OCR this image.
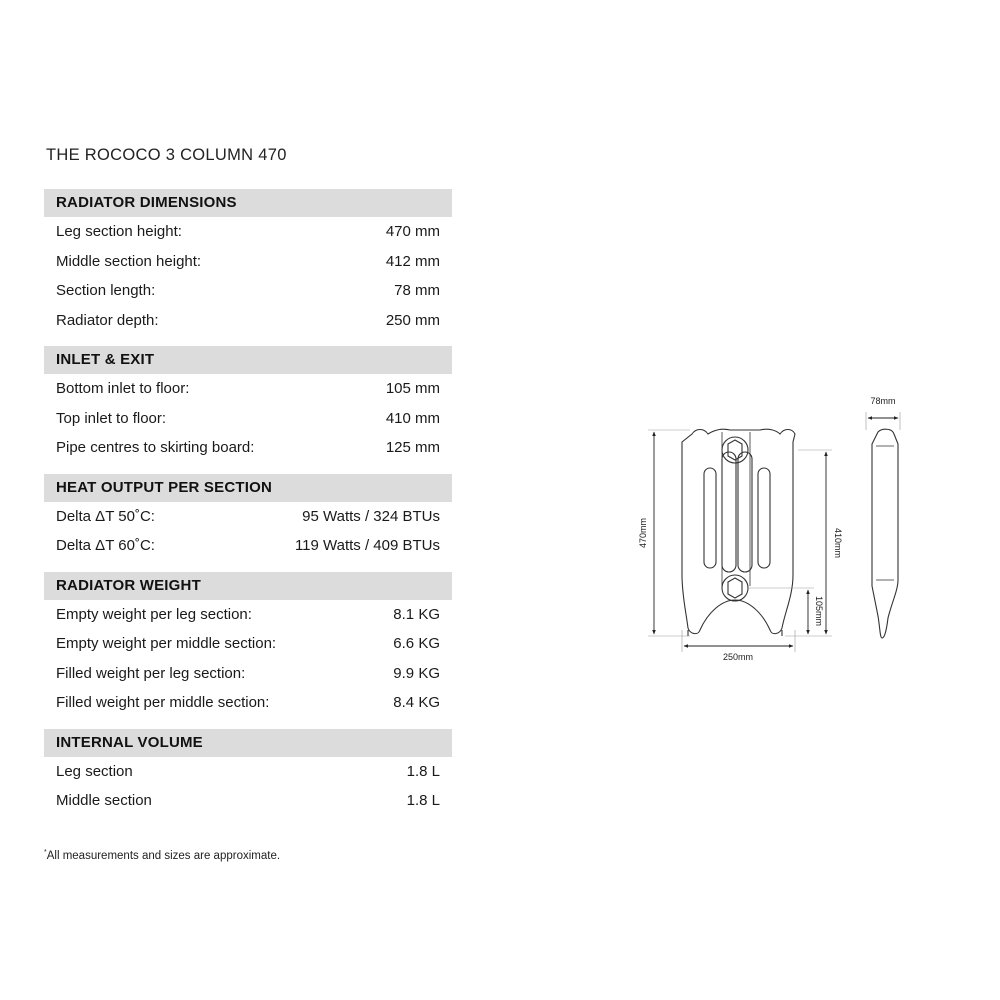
THE ROCOCO 3 COLUMN 470
RADIATOR DIMENSIONS
Leg section height:	470 mm
Middle section height:	412 mm
Section length:	78 mm
Radiator depth:	250 mm
INLET & EXIT
Bottom inlet to floor:	105 mm
Top inlet to floor:	410 mm
Pipe centres to skirting board:	125 mm
HEAT OUTPUT PER SECTION
Delta ΔT 50˚C:	95 Watts / 324 BTUs
Delta ΔT 60˚C:	119 Watts / 409 BTUs
RADIATOR WEIGHT
Empty weight per leg section:	8.1 KG
Empty weight per middle section:	6.6 KG
Filled weight per leg section:	9.9 KG
Filled weight per middle section:	8.4 KG
INTERNAL VOLUME
Leg section	1.8 L
Middle section	1.8 L
*All measurements and sizes are approximate.
470mm	410mm
105mm
250mm
78mm
